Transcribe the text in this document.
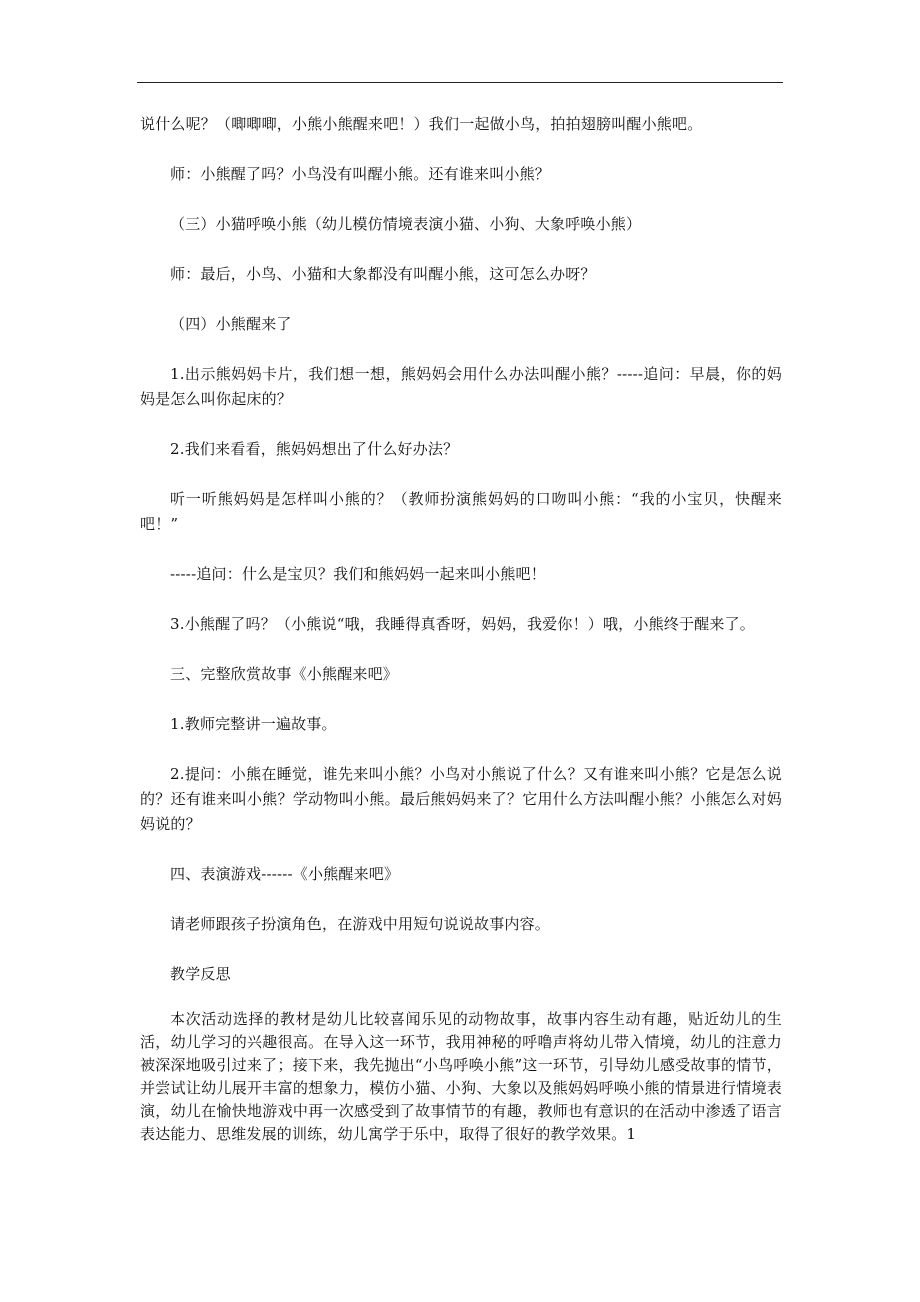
说什么呢？（唧唧唧，小熊小熊醒来吧！）我们一起做小鸟，拍拍翅膀叫醒小熊吧。

师：小熊醒了吗？小鸟没有叫醒小熊。还有谁来叫小熊？

（三）小猫呼唤小熊（幼儿模仿情境表演小猫、小狗、大象呼唤小熊）

师：最后，小鸟、小猫和大象都没有叫醒小熊，这可怎么办呀？

（四）小熊醒来了

1.出示熊妈妈卡片，我们想一想，熊妈妈会用什么办法叫醒小熊？-----追问：早晨，你的妈妈是怎么叫你起床的？

2.我们来看看，熊妈妈想出了什么好办法？

听一听熊妈妈是怎样叫小熊的？（教师扮演熊妈妈的口吻叫小熊：“我的小宝贝，快醒来吧！”

-----追问：什么是宝贝？我们和熊妈妈一起来叫小熊吧！

3.小熊醒了吗？（小熊说“哦，我睡得真香呀，妈妈，我爱你！）哦，小熊终于醒来了。

三、完整欣赏故事《小熊醒来吧》

1.教师完整讲一遍故事。

2.提问：小熊在睡觉，谁先来叫小熊？小鸟对小熊说了什么？又有谁来叫小熊？它是怎么说的？还有谁来叫小熊？学动物叫小熊。最后熊妈妈来了？它用什么方法叫醒小熊？小熊怎么对妈妈说的？

四、表演游戏------《小熊醒来吧》

请老师跟孩子扮演角色，在游戏中用短句说说故事内容。

教学反思

本次活动选择的教材是幼儿比较喜闻乐见的动物故事，故事内容生动有趣，贴近幼儿的生活，幼儿学习的兴趣很高。在导入这一环节，我用神秘的呼噜声将幼儿带入情境，幼儿的注意力被深深地吸引过来了；接下来，我先抛出“小鸟呼唤小熊”这一环节，引导幼儿感受故事的情节，并尝试让幼儿展开丰富的想象力，模仿小猫、小狗、大象以及熊妈妈呼唤小熊的情景进行情境表演，幼儿在愉快地游戏中再一次感受到了故事情节的有趣，教师也有意识的在活动中渗透了语言表达能力、思维发展的训练，幼儿寓学于乐中，取得了很好的教学效果。1
